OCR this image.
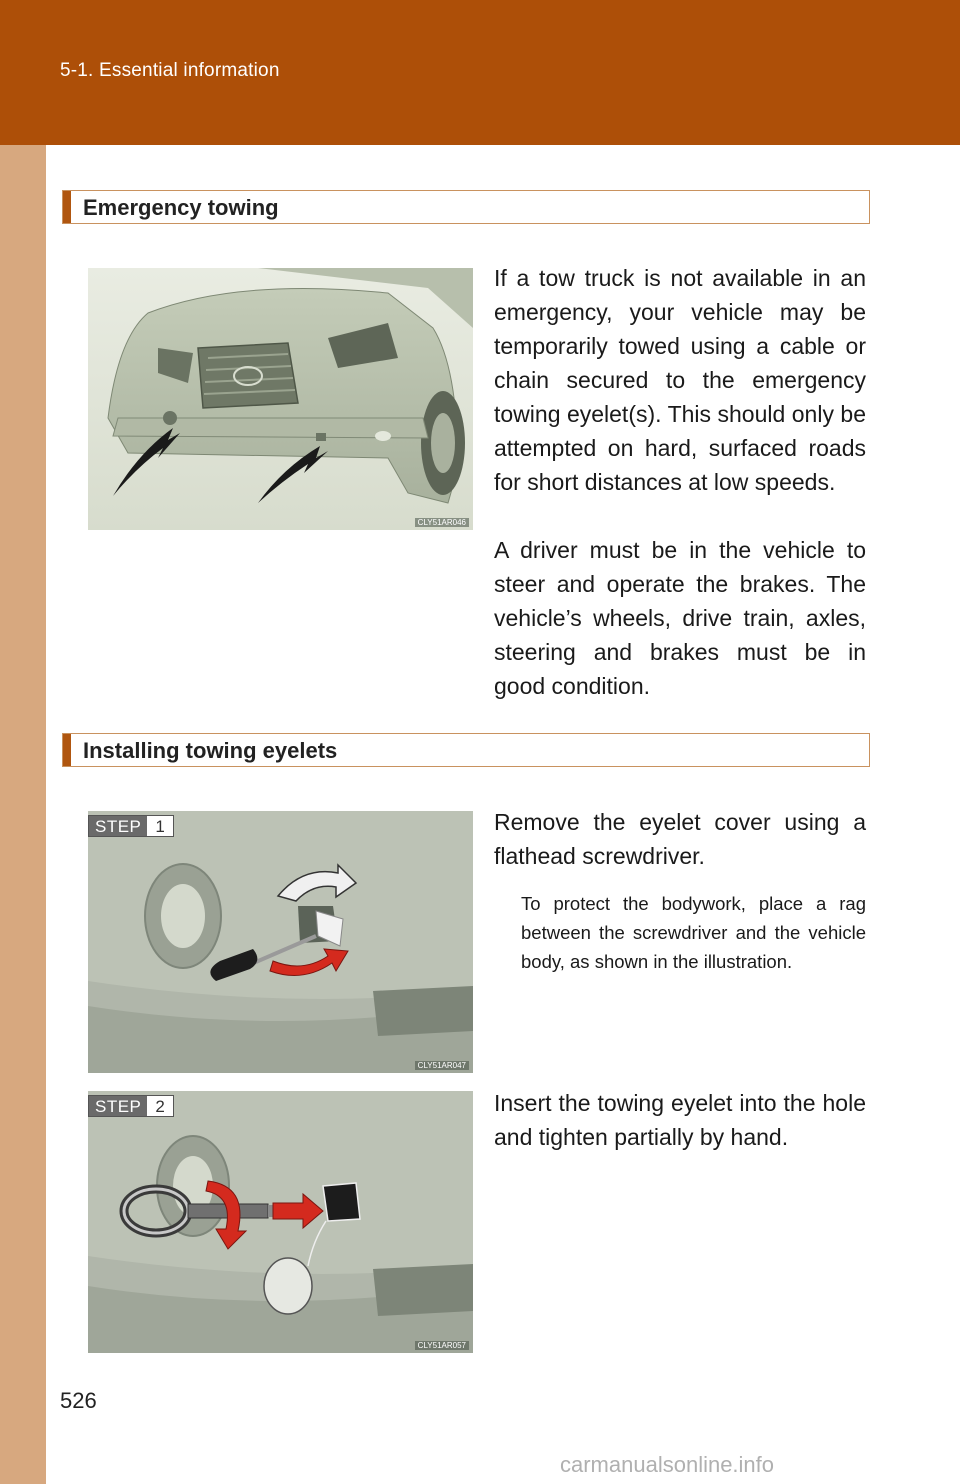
5-1. Essential information
Emergency towing
CLY51AR046
If a tow truck is not available in an emergency, your vehicle may be temporarily towed using a cable or chain secured to the emergency towing eyelet(s). This should only be attempted on hard, surfaced roads for short distances at low speeds.
A driver must be in the vehicle to steer and operate the brakes. The vehicle’s wheels, drive train, axles, steering and brakes must be in good condition.
Installing towing eyelets
CLY51AR047
STEP 1	Remove the eyelet cover using a flathead screwdriver.
To protect the bodywork, place a rag between the screwdriver and the vehicle body, as shown in the illustration.
CLY51AR057
STEP 2	Insert the towing eyelet into the hole and tighten partially by hand.
526
carmanualsonline.info
